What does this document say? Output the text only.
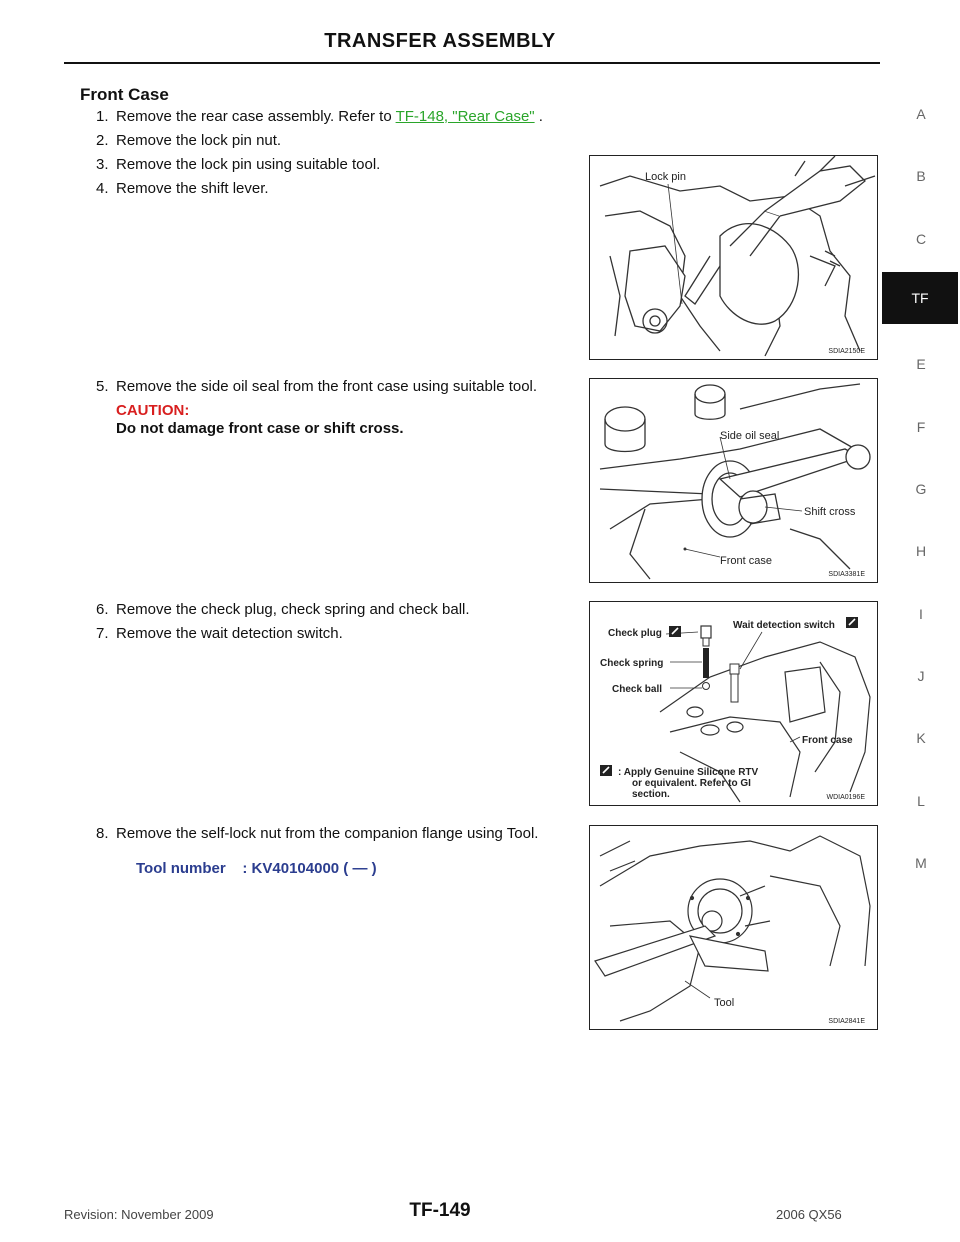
TRANSFER ASSEMBLY
A
B
C
TF
E
F
G
H
I
J
K
L
M
Front Case
1. Remove the rear case assembly. Refer to TF-148, "Rear Case" .
2. Remove the lock pin nut.
3. Remove the lock pin using suitable tool.
4. Remove the shift lever.
5. Remove the side oil seal from the front case using suitable tool.
CAUTION:
Do not damage front case or shift cross.
6. Remove the check plug, check spring and check ball.
7. Remove the wait detection switch.
8. Remove the self-lock nut from the companion flange using Tool.
Tool number : KV40104000 ( — )
Lock pin
SDIA2150E
Side oil seal
Shift cross
Front case
SDIA3381E
Check plug
Check spring
Check ball
Wait detection switch
Front case
: Apply Genuine Silicone RTV
or equivalent. Refer to GI
section.	WDIA0196E
Tool
SDIA2841E
Revision: November 2009	TF-149	2006 QX56
